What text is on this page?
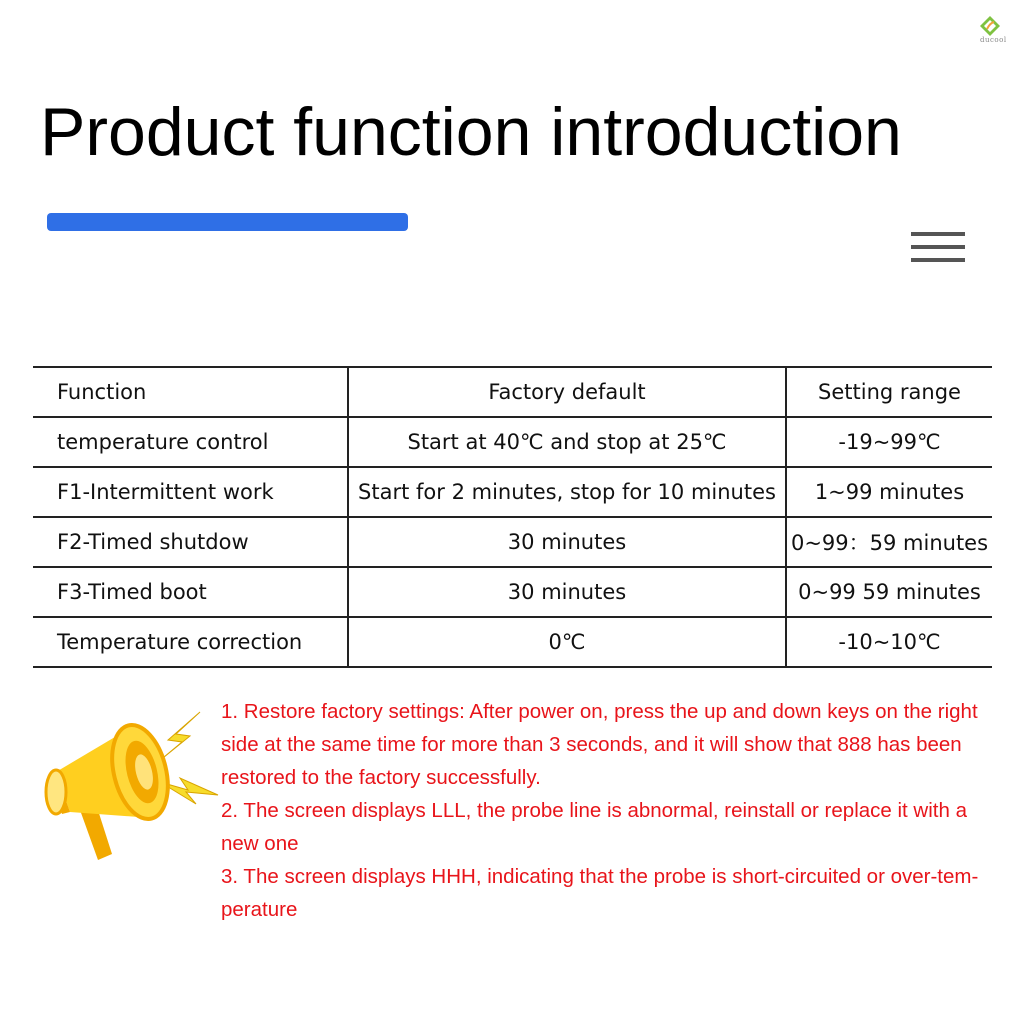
ducool
Product function introduction
Function	Factory default	Setting range
temperature control	Start at 40℃ and stop at 25℃	-19~99℃
F1-Intermittent work	Start for 2 minutes, stop for 10 minutes	1~99 minutes
F2-Timed shutdow	30 minutes	0~99：59 minutes
F3-Timed boot	30 minutes	0~99 59 minutes
Temperature correction	0℃	-10~10℃

1. Restore factory settings: After power on, press the up and down keys on the right side at the same time for more than 3 seconds, and it will show that 888 has been restored to the factory successfully.

2. The screen displays LLL, the probe line is abnormal, reinstall or replace it with a new one

3. The screen displays HHH, indicating that the probe is short-circuited or over-tem-perature
